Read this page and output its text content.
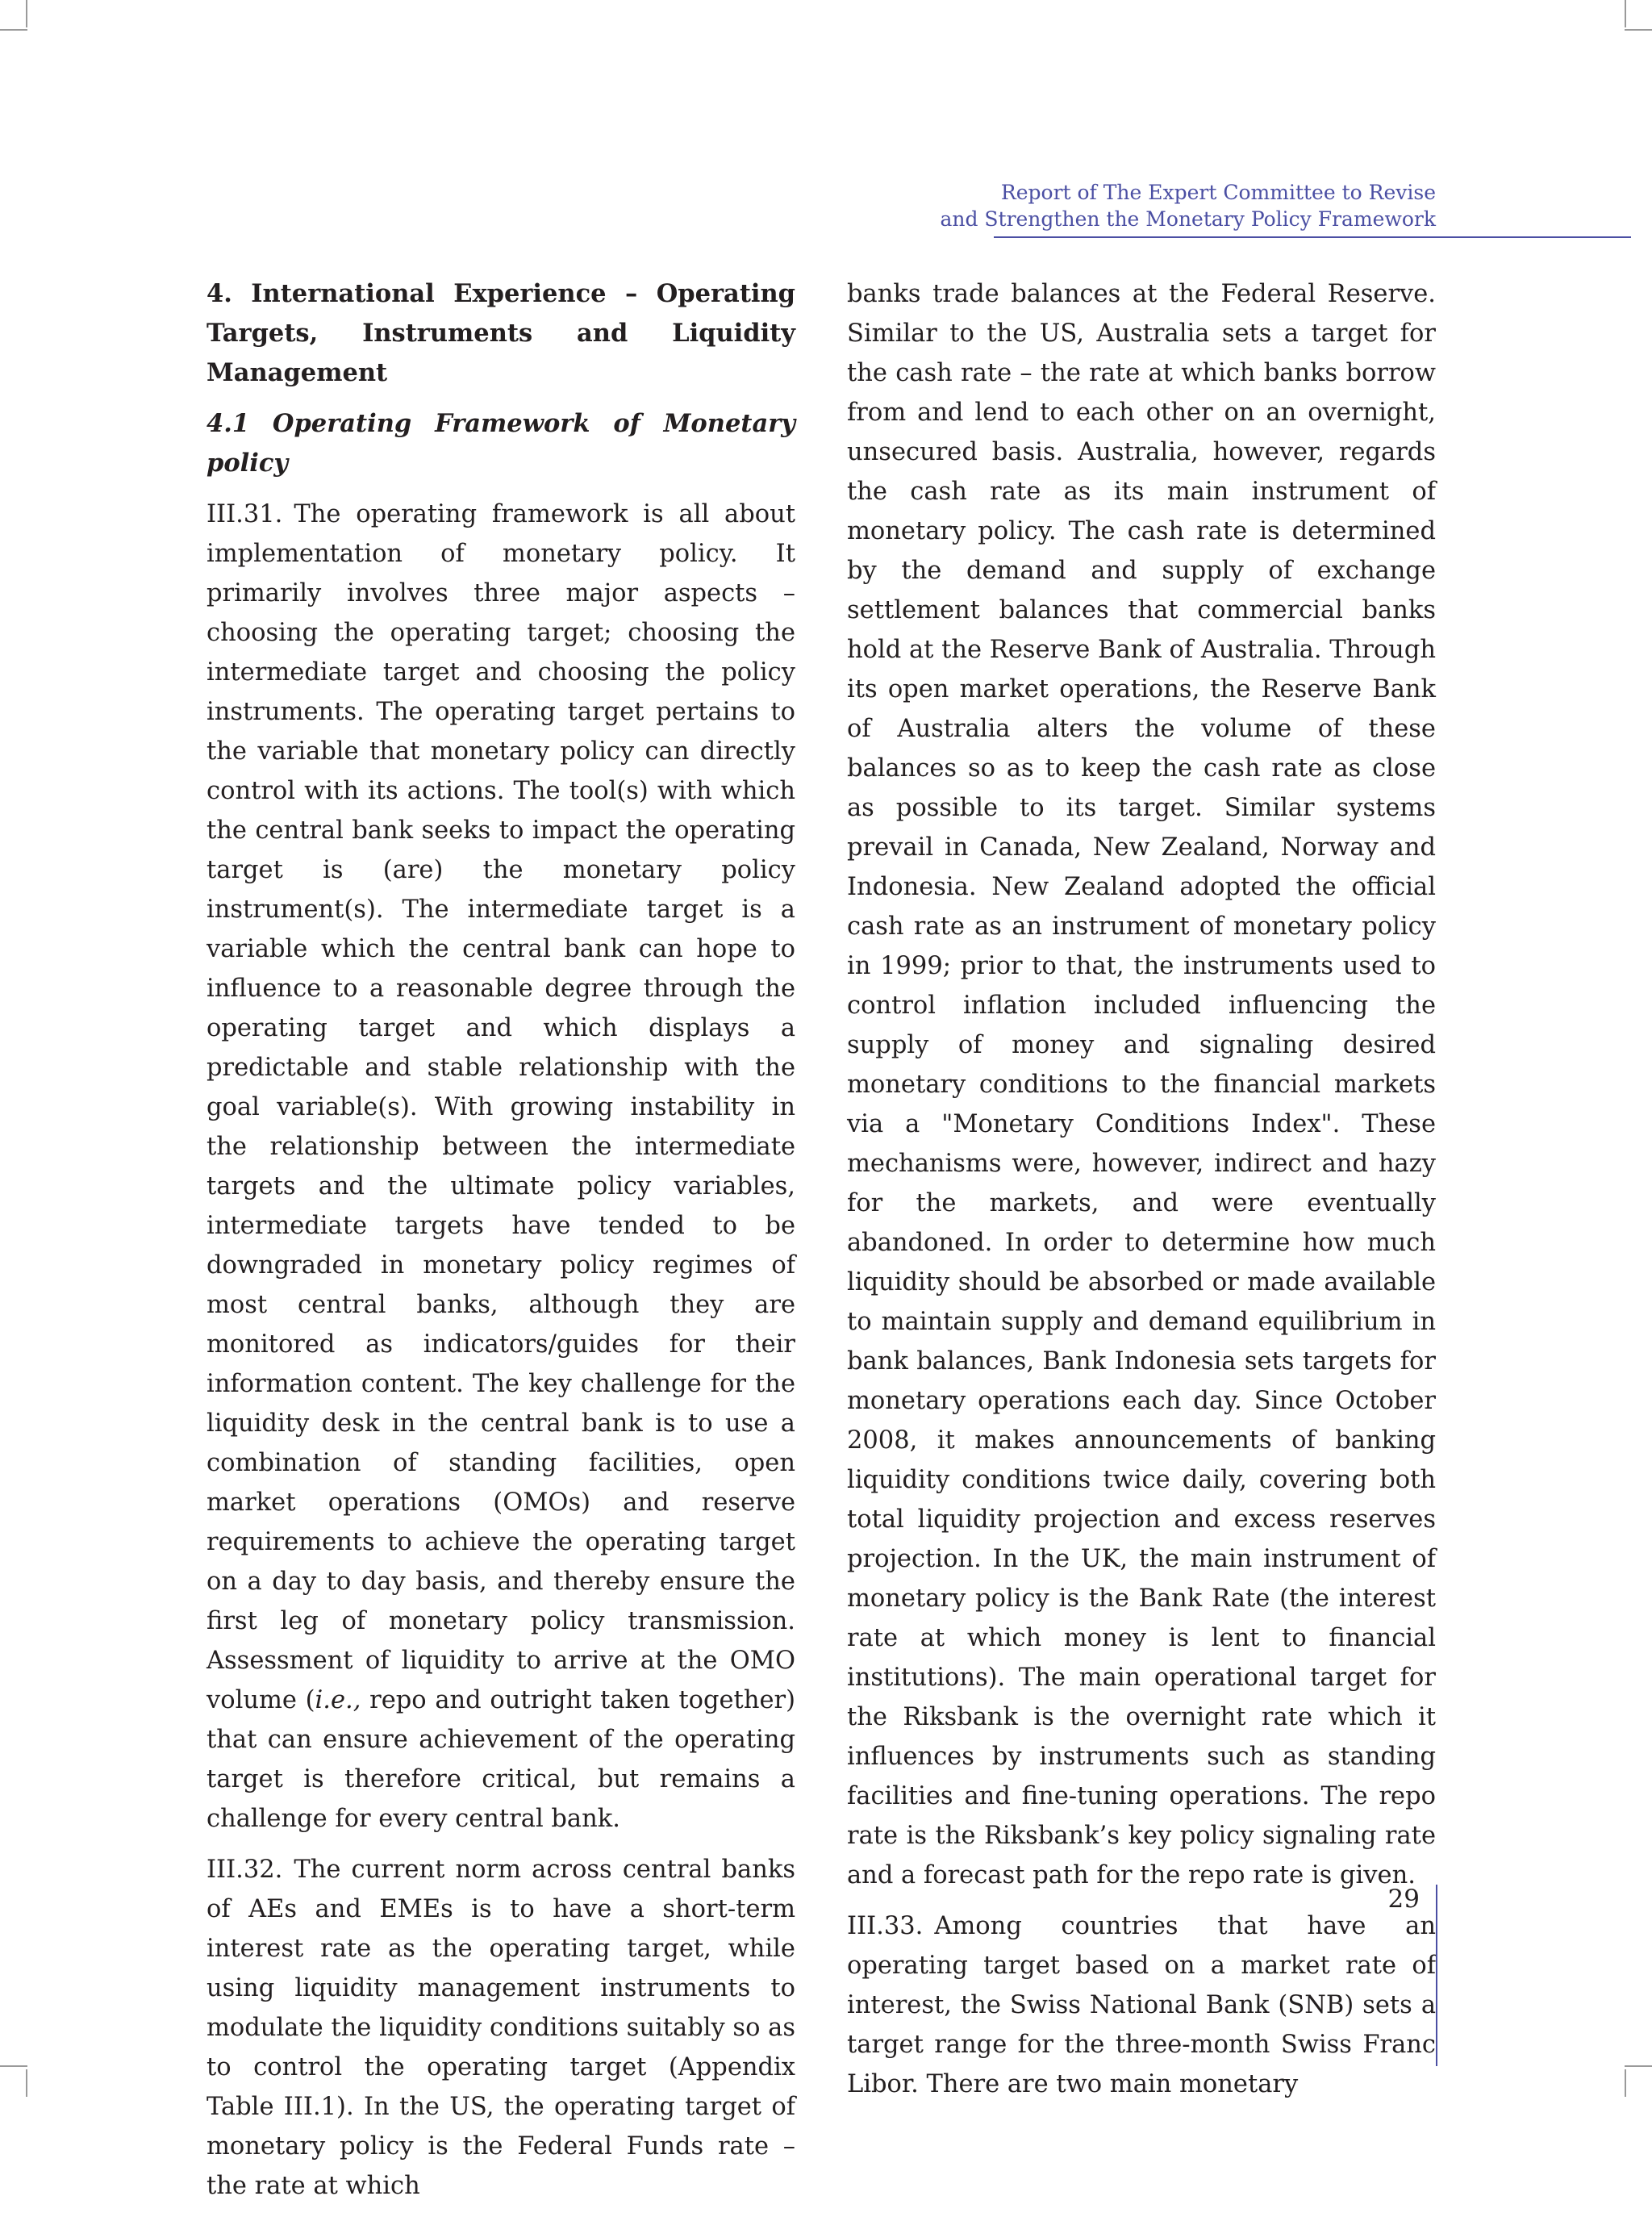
Report of The Expert Committee to Revise
and Strengthen the Monetary Policy Framework

4. International Experience – Operating Targets, Instruments and Liquidity Management

4.1 Operating Framework of Monetary policy

III.31. The operating framework is all about implementation of monetary policy. It primarily involves three major aspects – choosing the operating target; choosing the intermediate target and choosing the policy instruments. The operating target pertains to the variable that monetary policy can directly control with its actions. The tool(s) with which the central bank seeks to impact the operating target is (are) the monetary policy instrument(s). The intermediate target is a variable which the central bank can hope to influence to a reasonable degree through the operating target and which displays a predictable and stable relationship with the goal variable(s). With growing instability in the relationship between the intermediate targets and the ultimate policy variables, intermediate targets have tended to be downgraded in monetary policy regimes of most central banks, although they are monitored as indicators/guides for their information content. The key challenge for the liquidity desk in the central bank is to use a combination of standing facilities, open market operations (OMOs) and reserve requirements to achieve the operating target on a day to day basis, and thereby ensure the first leg of monetary policy transmission. Assessment of liquidity to arrive at the OMO volume (i.e., repo and outright taken together) that can ensure achievement of the operating target is therefore critical, but remains a challenge for every central bank.

III.32. The current norm across central banks of AEs and EMEs is to have a short-term interest rate as the operating target, while using liquidity management instruments to modulate the liquidity conditions suitably so as to control the operating target (Appendix Table III.1). In the US, the operating target of monetary policy is the Federal Funds rate – the rate at which

banks trade balances at the Federal Reserve. Similar to the US, Australia sets a target for the cash rate – the rate at which banks borrow from and lend to each other on an overnight, unsecured basis. Australia, however, regards the cash rate as its main instrument of monetary policy. The cash rate is determined by the demand and supply of exchange settlement balances that commercial banks hold at the Reserve Bank of Australia. Through its open market operations, the Reserve Bank of Australia alters the volume of these balances so as to keep the cash rate as close as possible to its target. Similar systems prevail in Canada, New Zealand, Norway and Indonesia. New Zealand adopted the official cash rate as an instrument of monetary policy in 1999; prior to that, the instruments used to control inflation included influencing the supply of money and signaling desired monetary conditions to the financial markets via a "Monetary Conditions Index". These mechanisms were, however, indirect and hazy for the markets, and were eventually abandoned. In order to determine how much liquidity should be absorbed or made available to maintain supply and demand equilibrium in bank balances, Bank Indonesia sets targets for monetary operations each day. Since October 2008, it makes announcements of banking liquidity conditions twice daily, covering both total liquidity projection and excess reserves projection. In the UK, the main instrument of monetary policy is the Bank Rate (the interest rate at which money is lent to financial institutions). The main operational target for the Riksbank is the overnight rate which it influences by instruments such as standing facilities and fine-tuning operations. The repo rate is the Riksbank’s key policy signaling rate and a forecast path for the repo rate is given.

III.33. Among countries that have an operating target based on a market rate of interest, the Swiss National Bank (SNB) sets a target range for the three-month Swiss Franc Libor. There are two main monetary

29
